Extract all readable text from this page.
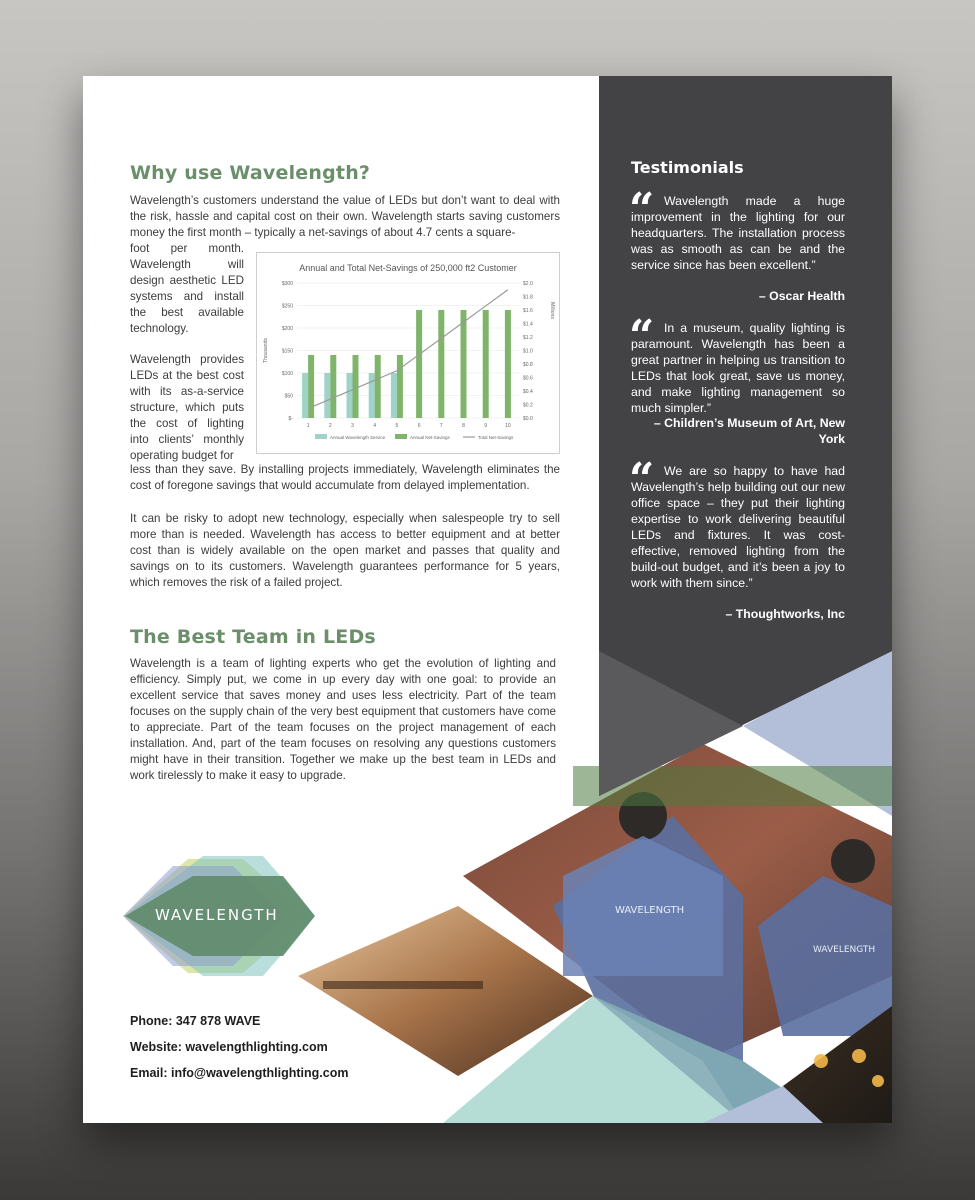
WAVELENGTH
WAVELENGTH
Why use Wavelength?
Wavelength’s customers understand the value of LEDs but don’t want to deal with the risk, hassle and capital cost on their own. Wavelength starts saving customers money the first month – typically a net-savings of about 4.7 cents a square-
foot per month. Wavelength will design aesthetic LED systems and install the best available technology.
Wavelength provides LEDs at the best cost with its as-a-service structure, which puts the cost of lighting into clients’ monthly operating budget for
less than they save. By installing projects immediately, Wavelength eliminates the cost of foregone savings that would accumulate from delayed implementation.
It can be risky to adopt new technology, especially when salespeople try to sell more than is needed. Wavelength has access to better equipment and at better cost than is widely available on the open market and passes that quality and savings on to its customers. Wavelength guarantees performance for 5 years, which removes the risk of a failed project.
Annual and Total Net-Savings of 250,000 ft2 Customer
$300
$250
$200
$150
$100
$50
$-
$2.0
$1.8
$1.6
$1.4
$1.2
$1.0
$0.8
$0.6
$0.4
$0.2
$0.0
Thousands
Millions
1	2	3	4	5	6	7	8	9	10
Annual Wavelength Service	Annual Net-Savings	Total Net-Savings
The Best Team in LEDs
Wavelength is a team of lighting experts who get the evolution of lighting and efficiency. Simply put, we come in up every day with one goal: to provide an excellent service that saves money and uses less electricity. Part of the team focuses on the supply chain of the very best equipment that customers have come to appreciate. Part of the team focuses on the project management of each installation. And, part of the team focuses on resolving any questions customers might have in their transition. Together we make up the best team in LEDs and work tirelessly to make it easy to upgrade.
Testimonials
“ Wavelength made a huge improvement in the lighting for our headquarters. The installation process was as smooth as can be and the service since has been excellent.”
– Oscar Health
“ In a museum, quality lighting is paramount. Wavelength has been a great partner in helping us transition to LEDs that look great, save us money, and make lighting management so much simpler.”
– Children’s Museum of Art, New York
“ We are so happy to have had Wavelength’s help building out our new office space – they put their lighting expertise to work delivering beautiful LEDs and fixtures. It was cost-effective, removed lighting from the build-out budget, and it’s been a joy to work with them since.”
– Thoughtworks, Inc
WAVELENGTH
Phone: 347 878 WAVE
Website: wavelengthlighting.com
Email: info@wavelengthlighting.com
